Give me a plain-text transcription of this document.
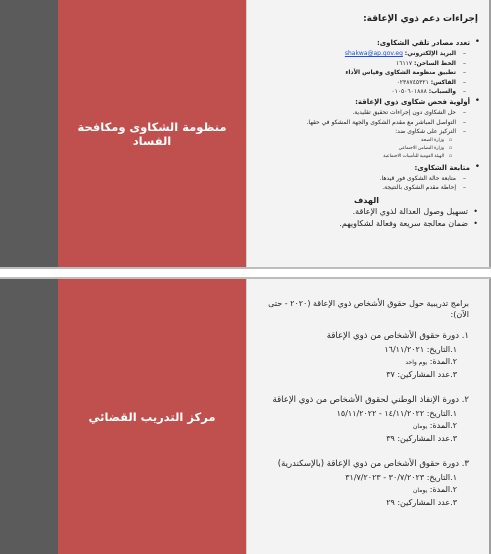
منظومة الشكاوى ومكافحة الفساد
إجراءات دعم ذوي الإعاقة:
• تعدد مصادر تلقي الشكاوى:
– البريد الإلكتروني: shakwa@ap.gov.eg
– الخط الساخن: ١٦١١٧
– تطبيق منظومة الشكاوى وقياس الأداء
– الفاكس: ٠٢٣٨٧٤٥٣٢١
– والسباب: ٠١٠٥٠٦٠١٨٨٨
• أولوية فحص شكاوى ذوي الإعاقة:
– حل الشكاوى دون إجراءات تحقيق تقليدية.
– التواصل المباشر مع مقدم الشكوى والجهة المشكو في حقها.
– التركيز على شكاوى ضد:
▫ وزارة الصحة
▫ وزارة التضامن الاجتماعي
▫ الهيئة القومية للتأمينات الاجتماعية
• متابعة الشكاوى:
– متابعة حالة الشكوى فور قيدها.
– إحاطة مقدم الشكوى بالنتيجة.
الهدف
• تسهيل وصول العدالة لذوي الإعاقة.
• ضمان معالجة سريعة وفعالة لشكاويهم.
مركز التدريب القضائي
برامج تدريبية حول حقوق الأشخاص ذوي الإعاقة (٢٠٢٠ - حتى الآن):
١. دورة حقوق الأشخاص من ذوي الإعاقة
١.التاريخ: ١٦/١١/٢٠٢١
٢.المدة: يوم واحد
٣.عدد المشاركين: ٣٧
٢. دورة الإنفاذ الوطني لحقوق الأشخاص من ذوي الإعاقة
١.التاريخ: ١٤/١١/٢٠٢٢ - ١٥/١١/٢٠٢٢
٢.المدة: يومان
٣.عدد المشاركين: ٣٩
٣. دورة حقوق الأشخاص من ذوي الإعاقة (بالإسكندرية)
١.التاريخ: ٣٠/٧/٢٠٢٣ - ٣١/٧/٢٠٢٣
٢.المدة: يومان
٣.عدد المشاركين: ٢٩
